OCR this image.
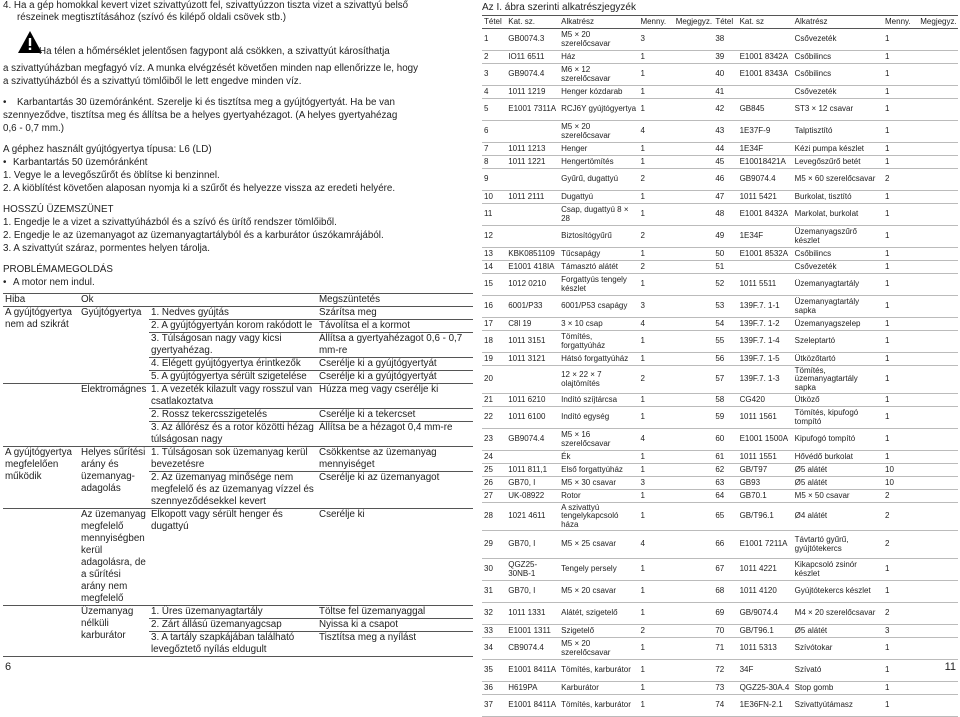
4. Ha a gép homokkal kevert vizet szivattyúzott fel, szivattyúzzon tiszta vizet a szivattyú belső
részeinek megtisztításához (szívó és kilépő oldali csövek stb.)
Ha télen a hőmérséklet jelentősen fagypont alá csökken, a szivattyút károsíthatja
a szivattyúházban megfagyó víz. A munka elvégzését követően minden nap ellenőrizze le, hogy
a szivattyúházból és a szivattyú tömlőiből le lett engedve minden víz.
• Karbantartás 30 üzemóránként. Szerelje ki és tisztítsa meg a gyújtógyertyát. Ha be van
szennyeződve, tisztítsa meg és állítsa be a helyes gyertyahézagot. (A helyes gyertyahézag
0,6 - 0,7 mm.)
A géphez használt gyújtógyertya típusa: L6 (LD)
• Karbantartás 50 üzemóránként
1. Vegye le a levegőszűrőt és öblítse ki benzinnel.
2. A kiöblítést követően alaposan nyomja ki a szűrőt és helyezze vissza az eredeti helyére.
HOSSZÚ ÜZEMSZÜNET
1. Engedje le a vizet a szivattyúházból és a szívó és ürítő rendszer tömlőiből.
2. Engedje le az üzemanyagot az üzemanyagtartályból és a karburátor úszókamrájából.
3. A szivattyút száraz, pormentes helyen tárolja.
PROBLÉMAMEGOLDÁS
• A motor nem indul.
Hiba	Ok		Megszüntetés
A gyújtógyertya nem ad szikrát	Gyújtógyertya	1. Nedves gyújtás	Szárítsa meg
		2. A gyújtógyertyán korom rakódott le	Távolítsa el a kormot
		3. Túlságosan nagy vagy kicsi gyertyahézag.	Állítsa a gyertyahézagot 0,6 - 0,7 mm-re
		4. Elégett gyújtógyertya érintkezők	Cserélje ki a gyújtógyertyát
		5. A gyújtógyertya sérült szigetelése	Cserélje ki a gyújtógyertyát
	Elektromágnes	1. A vezeték kilazult vagy rosszul van csatlakoztatva	Húzza meg vagy cserélje ki
		2. Rossz tekercsszigetelés	Cserélje ki a tekercset
		3. Az állórész és a rotor közötti hézag túlságosan nagy	Állítsa be a hézagot 0,4 mm-re
A gyújtógyertya megfelelően működik	Helyes sűrítési arány és üzemanyag-adagolás	1. Túlságosan sok üzemanyag kerül bevezetésre	Csökkentse az üzemanyag mennyiséget
		2. Az üzemanyag minősége nem megfelelő és az üzemanyag vízzel és szennyeződésekkel kevert	Cserélje ki az üzemanyagot
	Az üzemanyag megfelelő mennyiségben kerül adagolásra, de a sűrítési arány nem megfelelő	Elkopott vagy sérült henger és dugattyú	Cserélje ki
	Üzemanyag nélküli karburátor	1. Üres üzemanyagtartály	Töltse fel üzemanyaggal
		2. Zárt állású üzemanyagcsap	Nyissa ki a csapot
		3. A tartály szapkájában található levegőztető nyílás eldugult	Tisztítsa meg a nyílást
6
Az I. ábra szerinti alkatrészjegyzék
Tétel	Kat. sz.	Alkatrész	Menny.	Megjegyz.	Tétel	Kat. sz	Alkatrész	Menny.	Megjegyz.
1	GB0074.3	M5 × 20 szerelőcsavar	3		38		Csővezeték	1	
2	IO11 6511	Ház	1		39	E1001 8342A	Csőbilincs	1	
3	GB9074.4	M6 × 12 szerelőcsavar	1		40	E1001 8343A	Csőbilincs	1	
4	1011 1219	Henger kózdarab	1		41		Csővezeték	1	
5	E1001 7311A	RCJ6Y gyújtógyertya	1		42	GB845	ST3 × 12 csavar	1	
6		M5 × 20 szerelőcsavar	4		43	1E37F-9	Talptisztító	1	
7	1011 1213	Henger	1		44	1E34F	Kézi pumpa készlet	1	
8	1011 1221	Hengertömítés	1		45	E10018421A	Levegőszűrő betét	1	
9		Gyűrű, dugattyú	2		46	GB9074.4	M5 × 60 szerelőcsavar	2	
10	1011 2111	Dugattyú	1		47	1011 5421	Burkolat, tisztító	1	
11		Csap, dugattyú 8 × 28	1		48	E1001 8432A	Markolat, burkolat	1	
12		Biztosítógyűrű	2		49	1E34F	Üzemanyagszűrő készlet	1	
13	KBK0851109	Tűcsapágy	1		50	E1001 8532A	Csőbilincs	1	
14	E1001 418IA	Támasztó alátét	2		51		Csővezeték	1	
15	1012 0210	Forgattyús tengely készlet	1		52	1011 5511	Üzemanyagtartály	1	
16	6001/P33	6001/P53 csapágy	3		53	139F.7. 1-1	Üzemanyagtartály sapka	1	
17	C8l 19	3 × 10 csap	4		54	139F.7. 1-2	Üzemanyagszelep	1	
18	1011 3151	Tömítés, forgattyúház	1		55	139F.7. 1-4	Szeleptartó	1	
19	1011 3121	Hátsó forgattyúház	1		56	139F.7. 1-5	Ütközőtartó	1	
20		12 × 22 × 7 olajtömítés	2		57	139F.7. 1-3	Tömítés, üzemanyagtartály sapka	1	
21	1011 6210	Indító szíjtárcsa	1		58	CG420	Ütköző	1	
22	1011 6100	Indító egység	1		59	1011 1561	Tömítés, kipufogó tompító	1	
23	GB9074.4	M5 × 16 szerelőcsavar	4		60	E1001 1500A	Kipufogó tompító	1	
24		Ék	1		61	1011 1551	Hővédő burkolat	1	
25	1011 811,1	Első forgattyúház	1		62	GB/T97	Ø5 alátét	10	
26	GB70, I	M5 × 30 csavar	3		63	GB93	Ø5 alátét	10	
27	UK-08922	Rotor	1		64	GB70.1	M5 × 50 csavar	2	
28	1021 4611	A szivattyú tengelykapcsoló háza	1		65	GB/T96.1	Ø4 alátét	2	
29	GB70, I	M5 × 25 csavar	4		66	E1001 7211A	Távtartó gyűrű, gyújtótekercs	2	
30	QGZ25-30NB-1	Tengely persely	1		67	1011 4221	Kikapcsoló zsinór készlet	1	
31	GB70, I	M5 × 20 csavar	1		68	1011 4120	Gyújtótekercs készlet	1	
32	1011 1331	Alátét, szigetelő	1		69	GB/9074.4	M4 × 20 szerelőcsavar	2	
33	E1001 1311	Szigetelő	2		70	GB/T96.1	Ø5 alátét	3	
34	CB9074.4	M5 × 20 szerelőcsavar	1		71	1011 5313	Szívótokar	1	
35	E1001 8411A	Tömítés, karburátor	1		72	34F	Szívató	1	
36	H619PA	Karburátor	1		73	QGZ25-30A.4	Stop gomb	1	
37	E1001 8411A	Tömítés, karburátor	1		74	1E36FN-2.1	Szivattyútámasz	1	
11
